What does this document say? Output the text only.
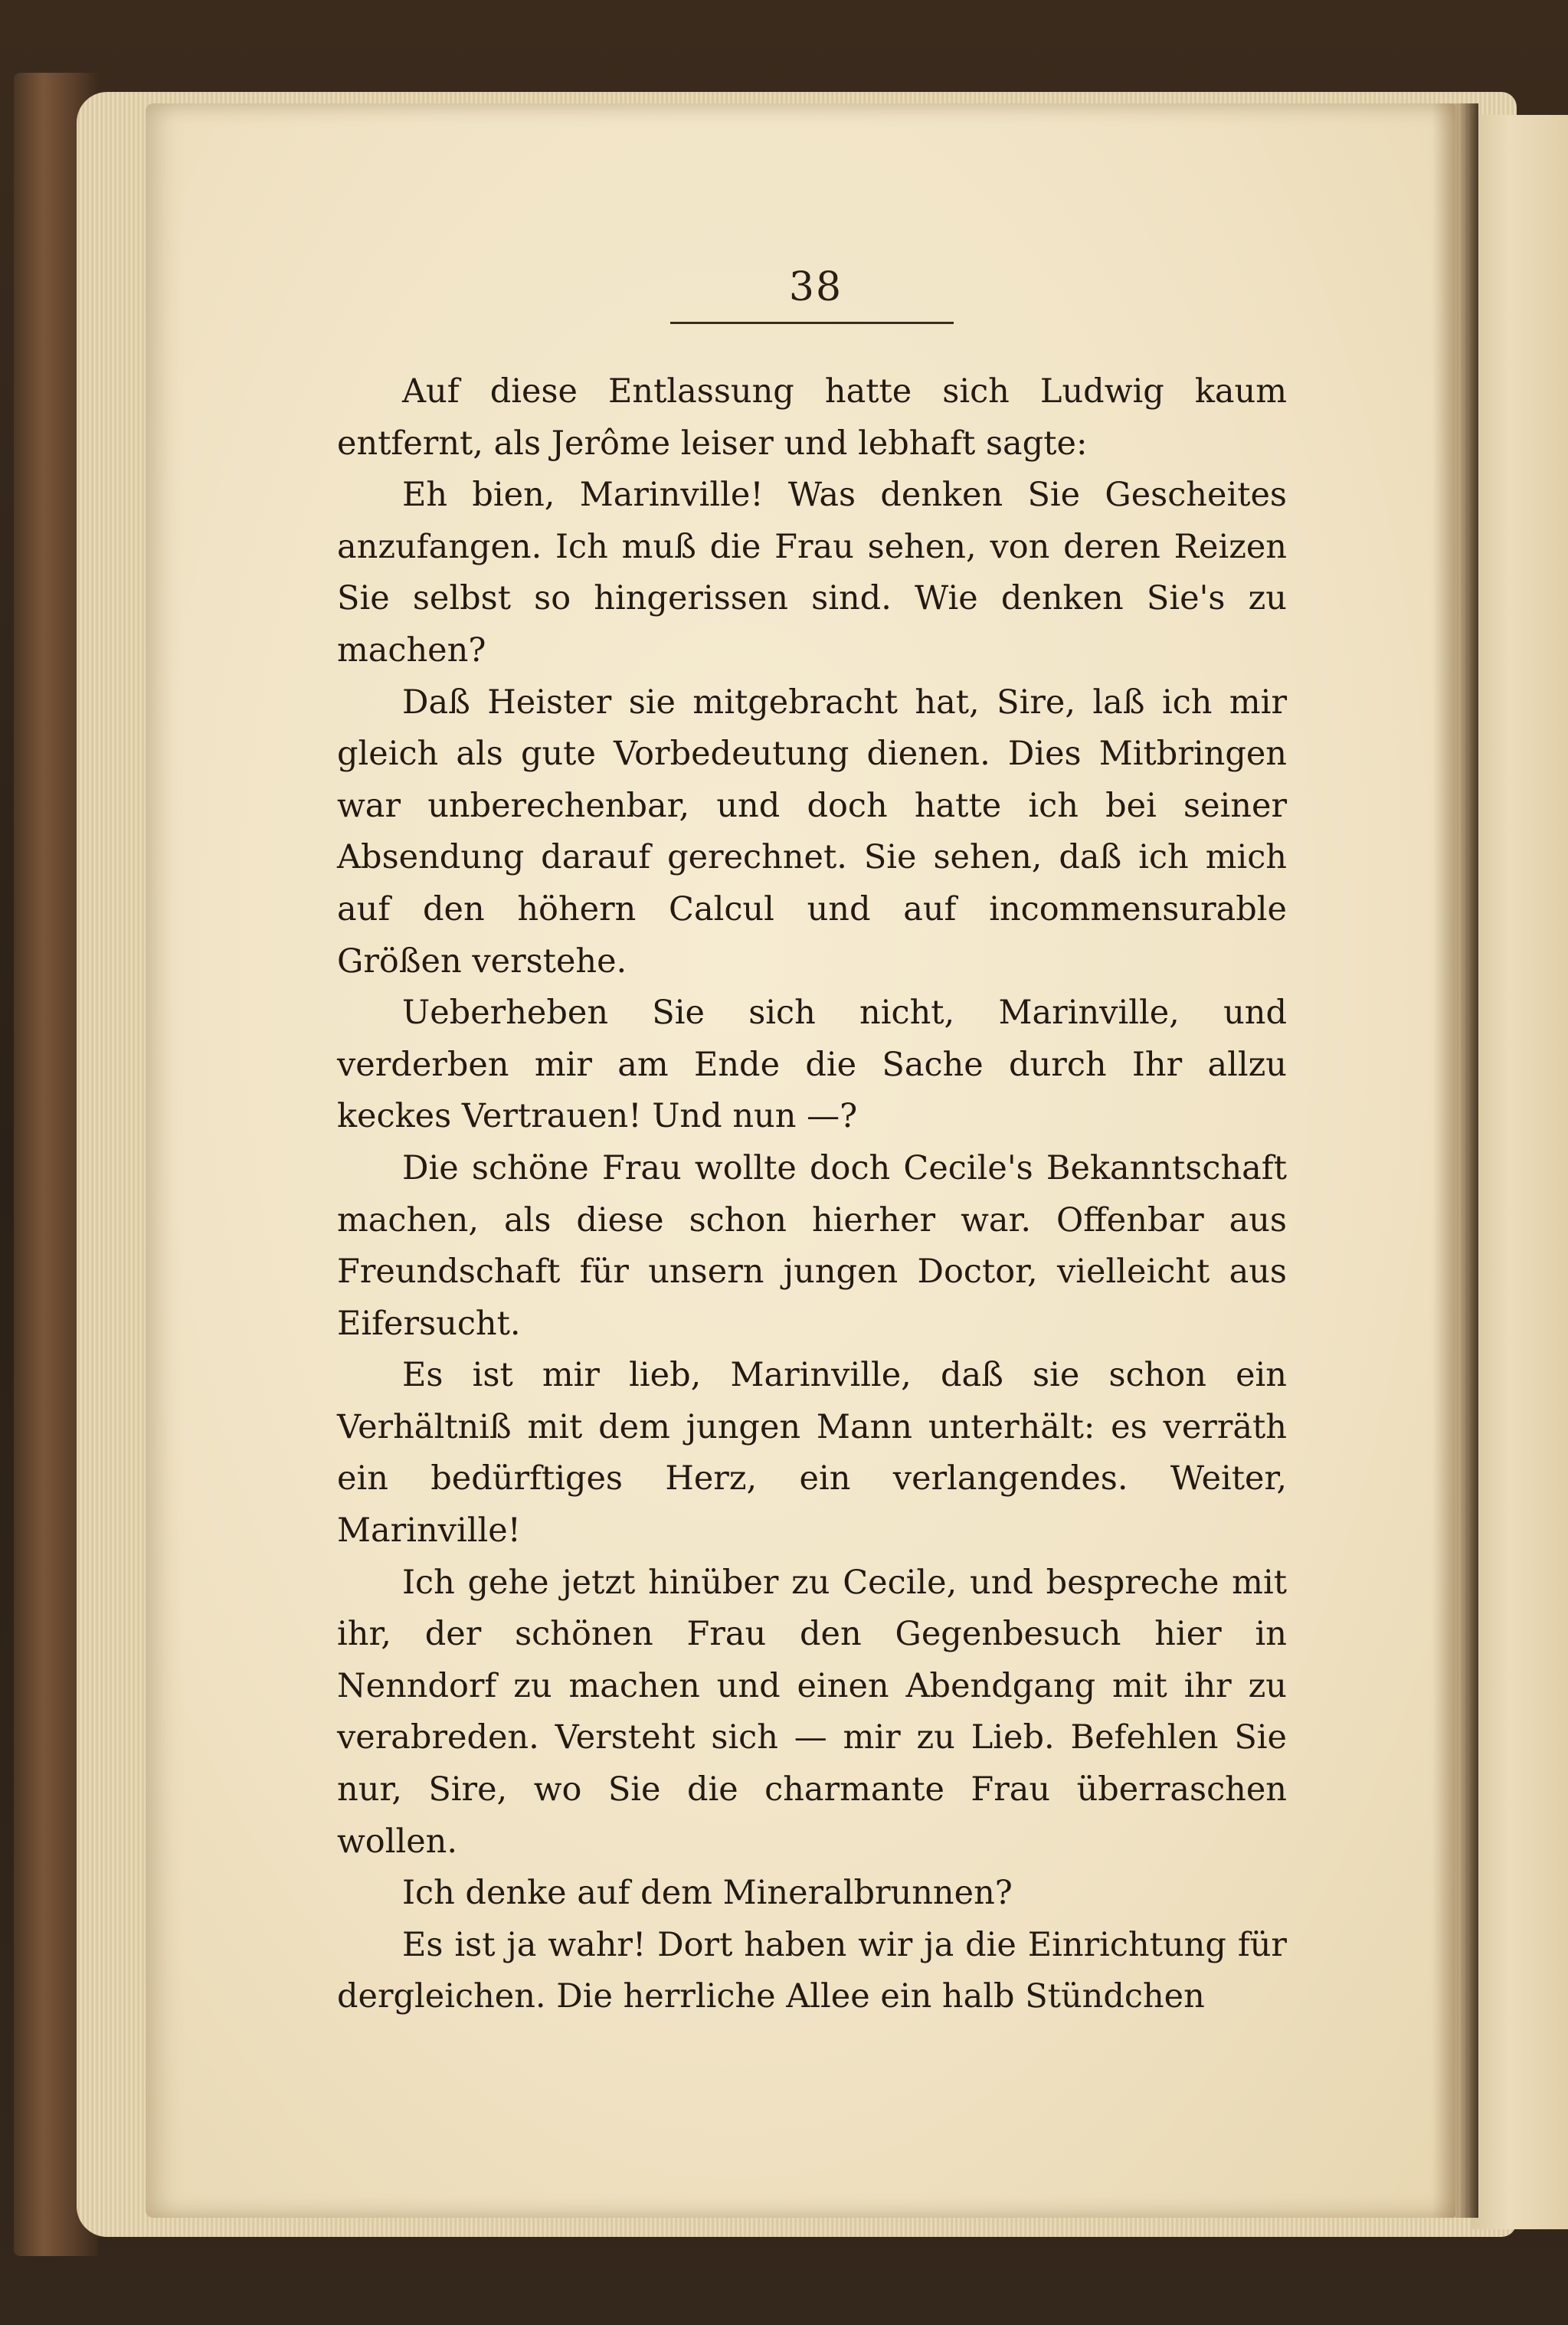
38

Auf diese Entlassung hatte sich Ludwig kaum entfernt, als Jerôme leiser und lebhaft sagte:

Eh bien, Marinville! Was denken Sie Gescheites anzufangen. Ich muß die Frau sehen, von deren Reizen Sie selbst so hingerissen sind. Wie denken Sie's zu machen?

Daß Heister sie mitgebracht hat, Sire, laß ich mir gleich als gute Vorbedeutung dienen. Dies Mitbringen war unberechenbar, und doch hatte ich bei seiner Absendung darauf gerechnet. Sie sehen, daß ich mich auf den höhern Calcul und auf incommensurable Größen verstehe.

Ueberheben Sie sich nicht, Marinville, und verderben mir am Ende die Sache durch Ihr allzu keckes Vertrauen! Und nun —?

Die schöne Frau wollte doch Cecile's Bekanntschaft machen, als diese schon hierher war. Offenbar aus Freundschaft für unsern jungen Doctor, vielleicht aus Eifersucht.

Es ist mir lieb, Marinville, daß sie schon ein Verhältniß mit dem jungen Mann unterhält: es verräth ein bedürftiges Herz, ein verlangendes. Weiter, Marinville!

Ich gehe jetzt hinüber zu Cecile, und bespreche mit ihr, der schönen Frau den Gegenbesuch hier in Nenndorf zu machen und einen Abendgang mit ihr zu verabreden. Versteht sich — mir zu Lieb. Befehlen Sie nur, Sire, wo Sie die charmante Frau überraschen wollen.

Ich denke auf dem Mineralbrunnen?

Es ist ja wahr! Dort haben wir ja die Einrichtung für dergleichen. Die herrliche Allee ein halb Stündchen
